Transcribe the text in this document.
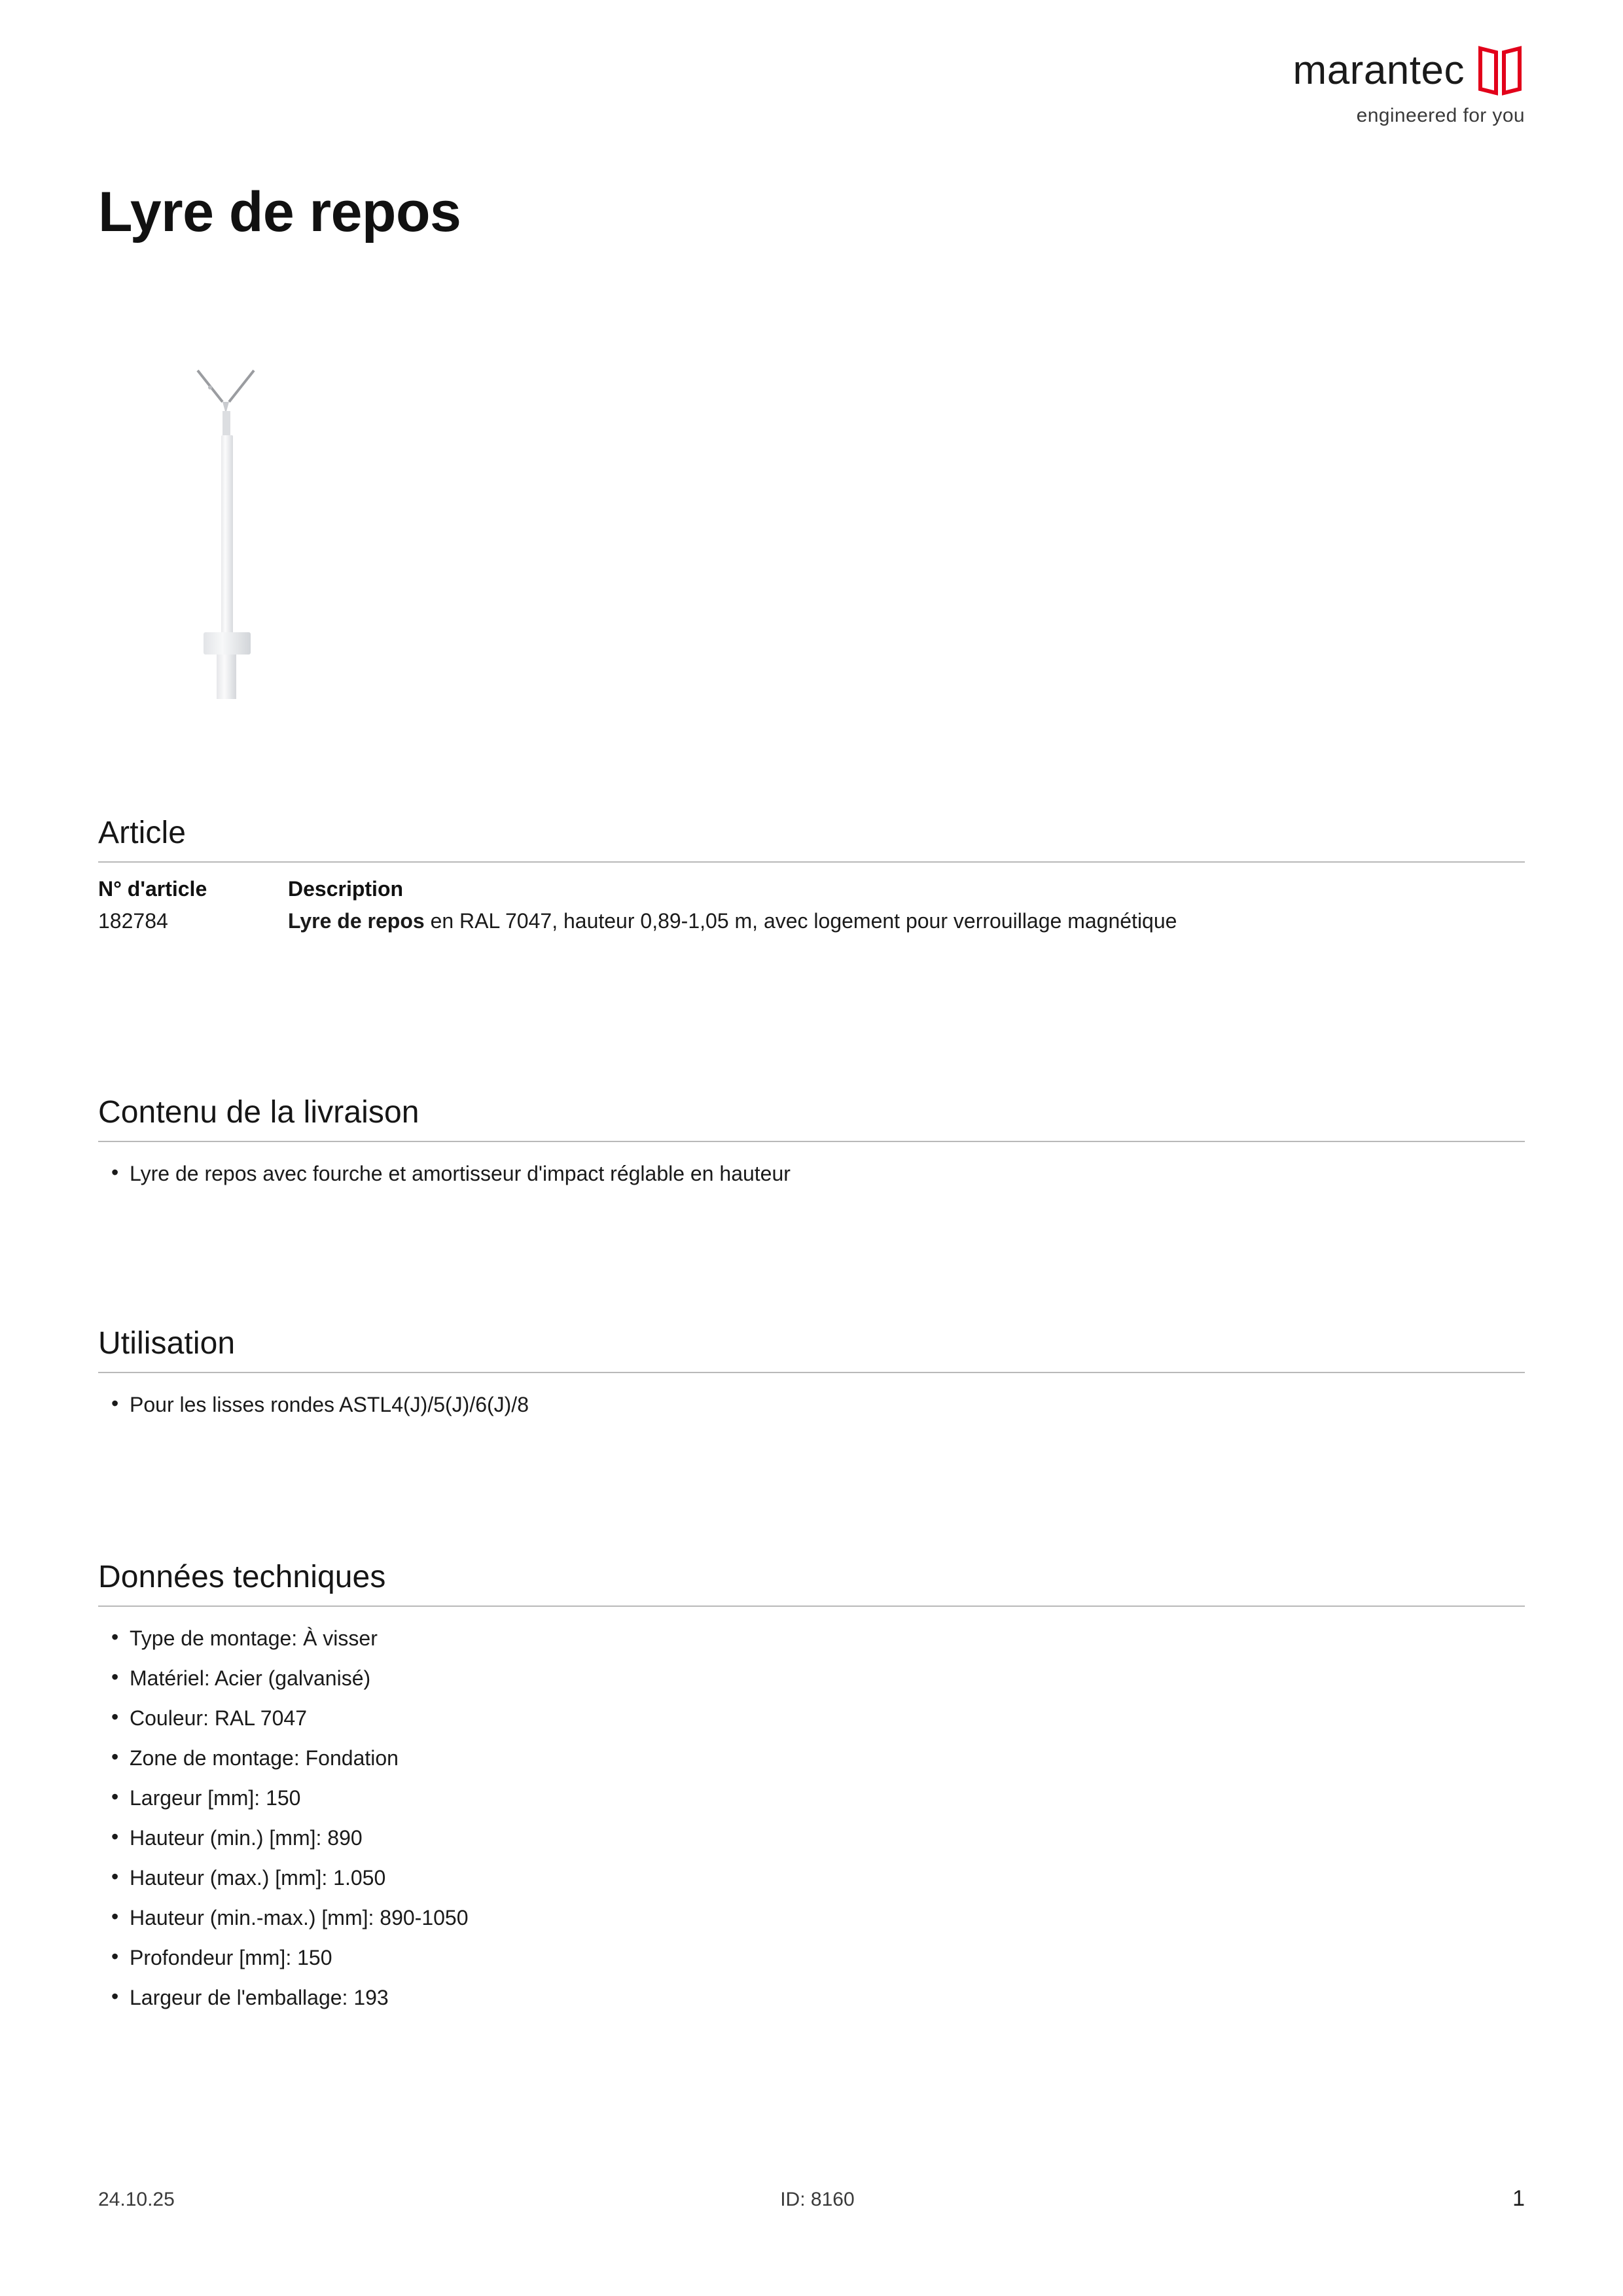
marantec
engineered for you
Lyre de repos
Article
N° d'article	Description
182784	Lyre de repos en RAL 7047, hauteur 0,89-1,05 m, avec logement pour verrouillage magnétique
Contenu de la livraison
• Lyre de repos avec fourche et amortisseur d'impact réglable en hauteur
Utilisation
• Pour les lisses rondes ASTL4(J)/5(J)/6(J)/8
Données techniques
• Type de montage: À visser
• Matériel: Acier (galvanisé)
• Couleur: RAL 7047
• Zone de montage: Fondation
• Largeur [mm]: 150
• Hauteur (min.) [mm]: 890
• Hauteur (max.) [mm]: 1.050
• Hauteur (min.-max.) [mm]: 890-1050
• Profondeur [mm]: 150
• Largeur de l'emballage: 193
24.10.25	ID: 8160	1
